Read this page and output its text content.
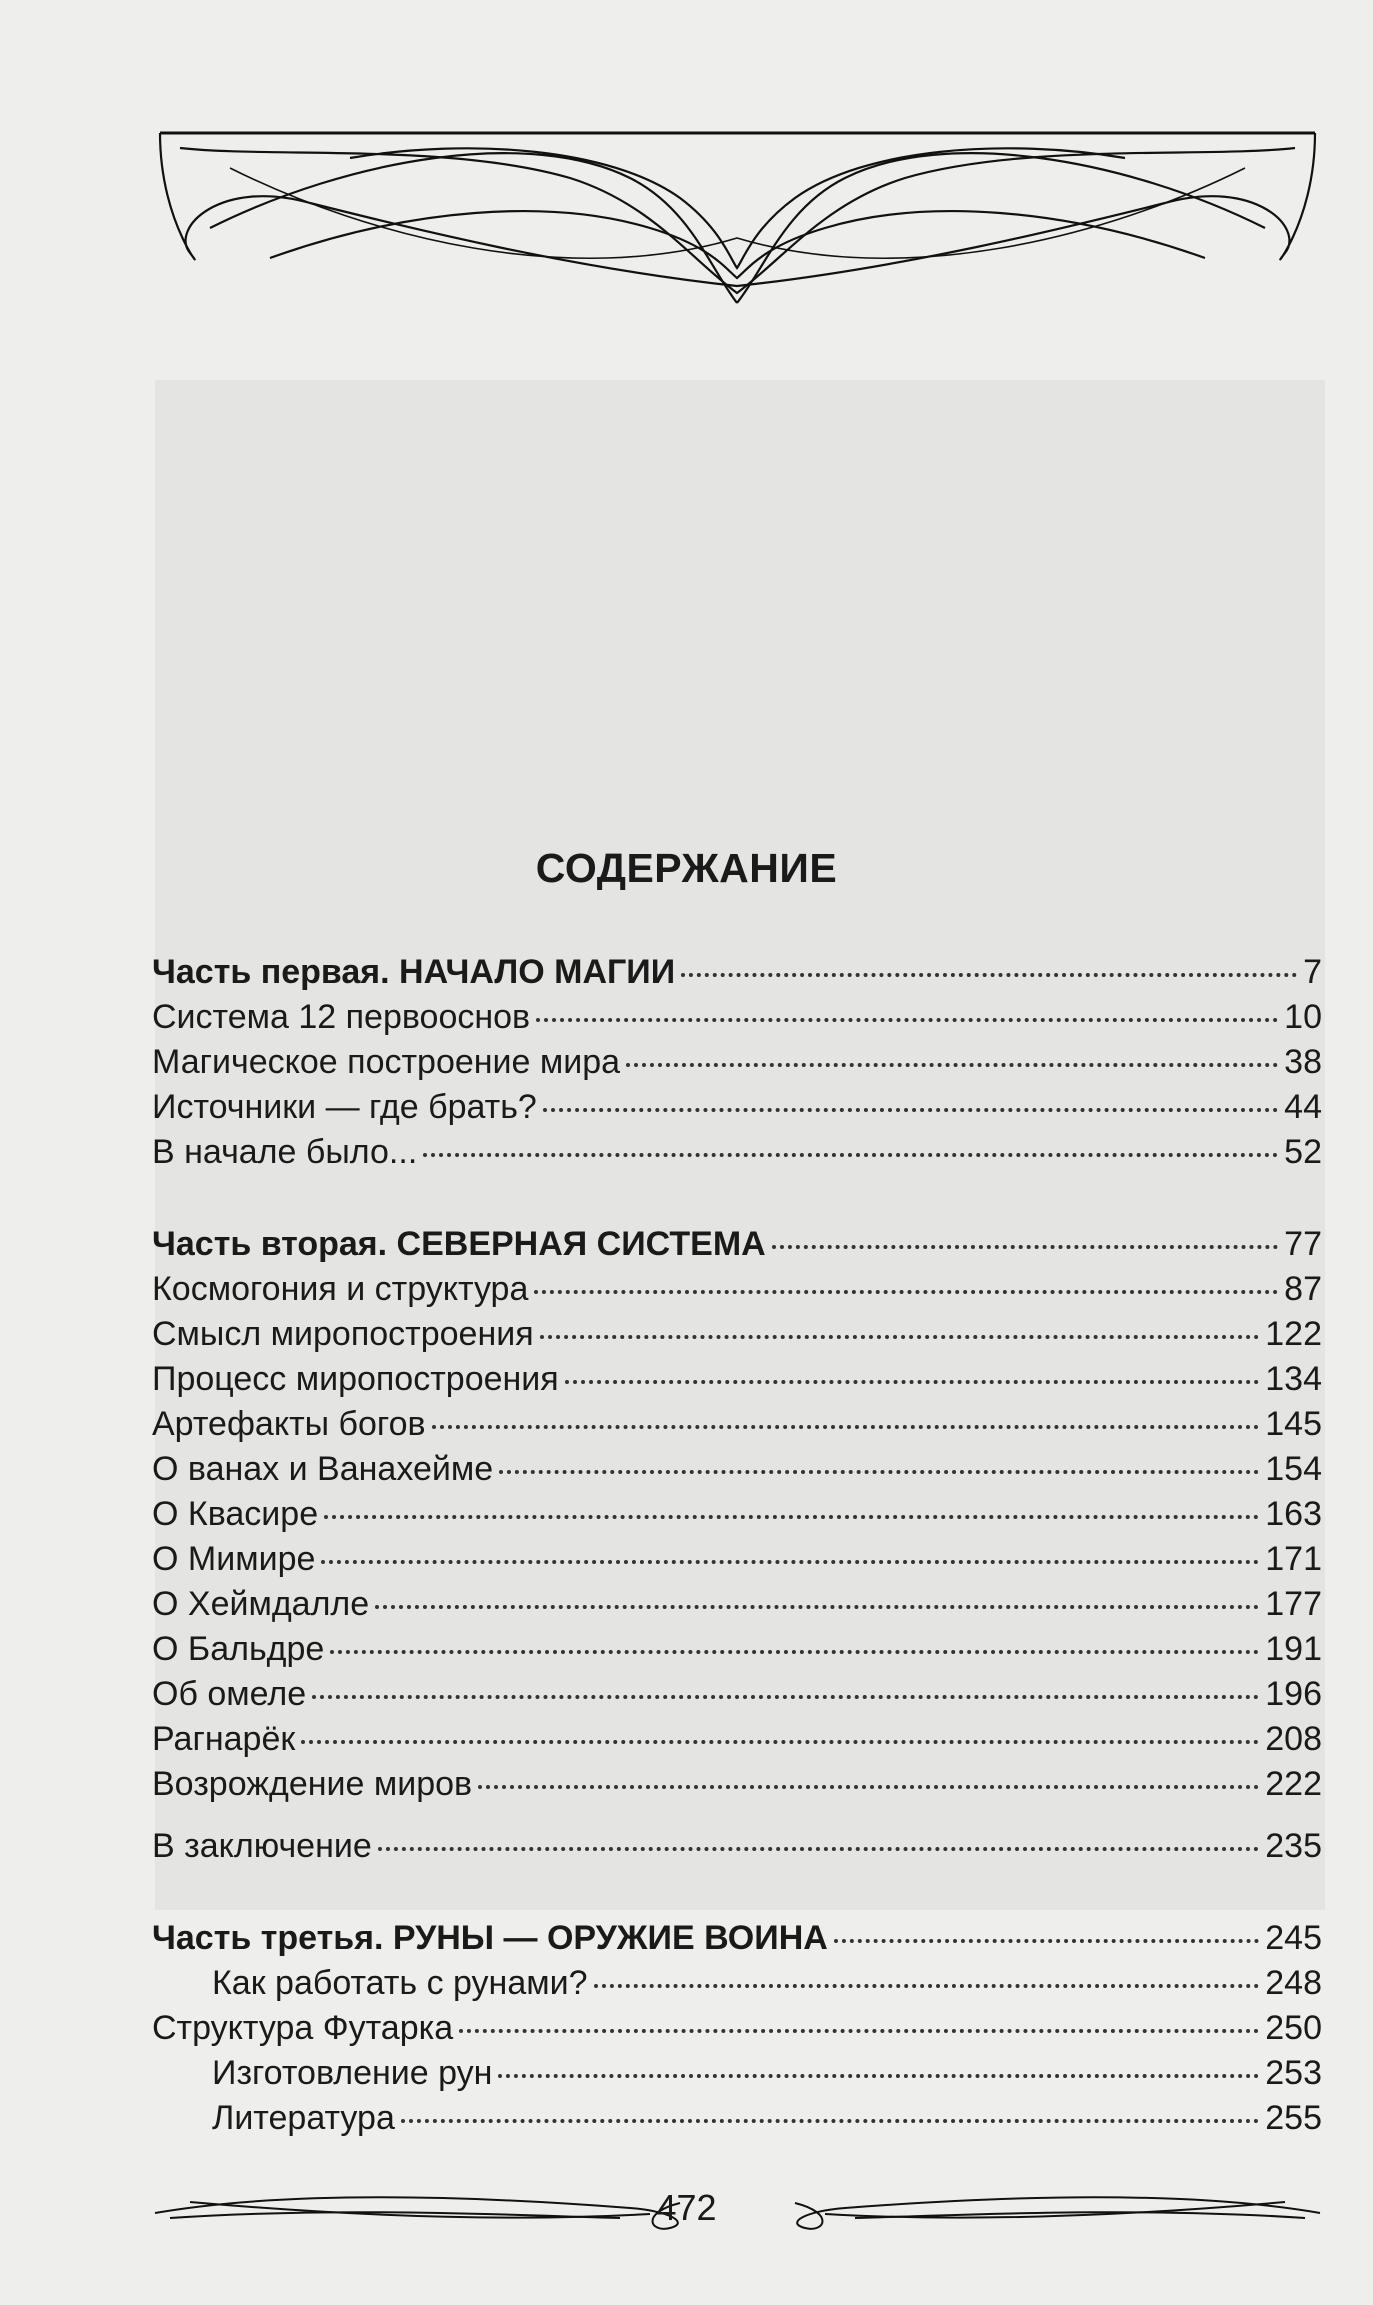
СОДЕРЖАНИЕ
Часть первая. НАЧАЛО МАГИИ	7
Система 12 первооснов	10
Магическое построение мира	38
Источники — где брать?	44
В начале было...	52
Часть вторая. СЕВЕРНАЯ СИСТЕМА	77
Космогония и структура	87
Смысл миропостроения	122
Процесс миропостроения	134
Артефакты богов	145
О ванах и Ванахейме	154
О Квасире	163
О Мимире	171
О Хеймдалле	177
О Бальдре	191
Об омеле	196
Рагнарёк	208
Возрождение миров	222
В заключение	235
Часть третья. РУНЫ — ОРУЖИЕ ВОИНА	245
Как работать с рунами?	248
Структура Футарка	250
Изготовление рун	253
Литература	255
472
